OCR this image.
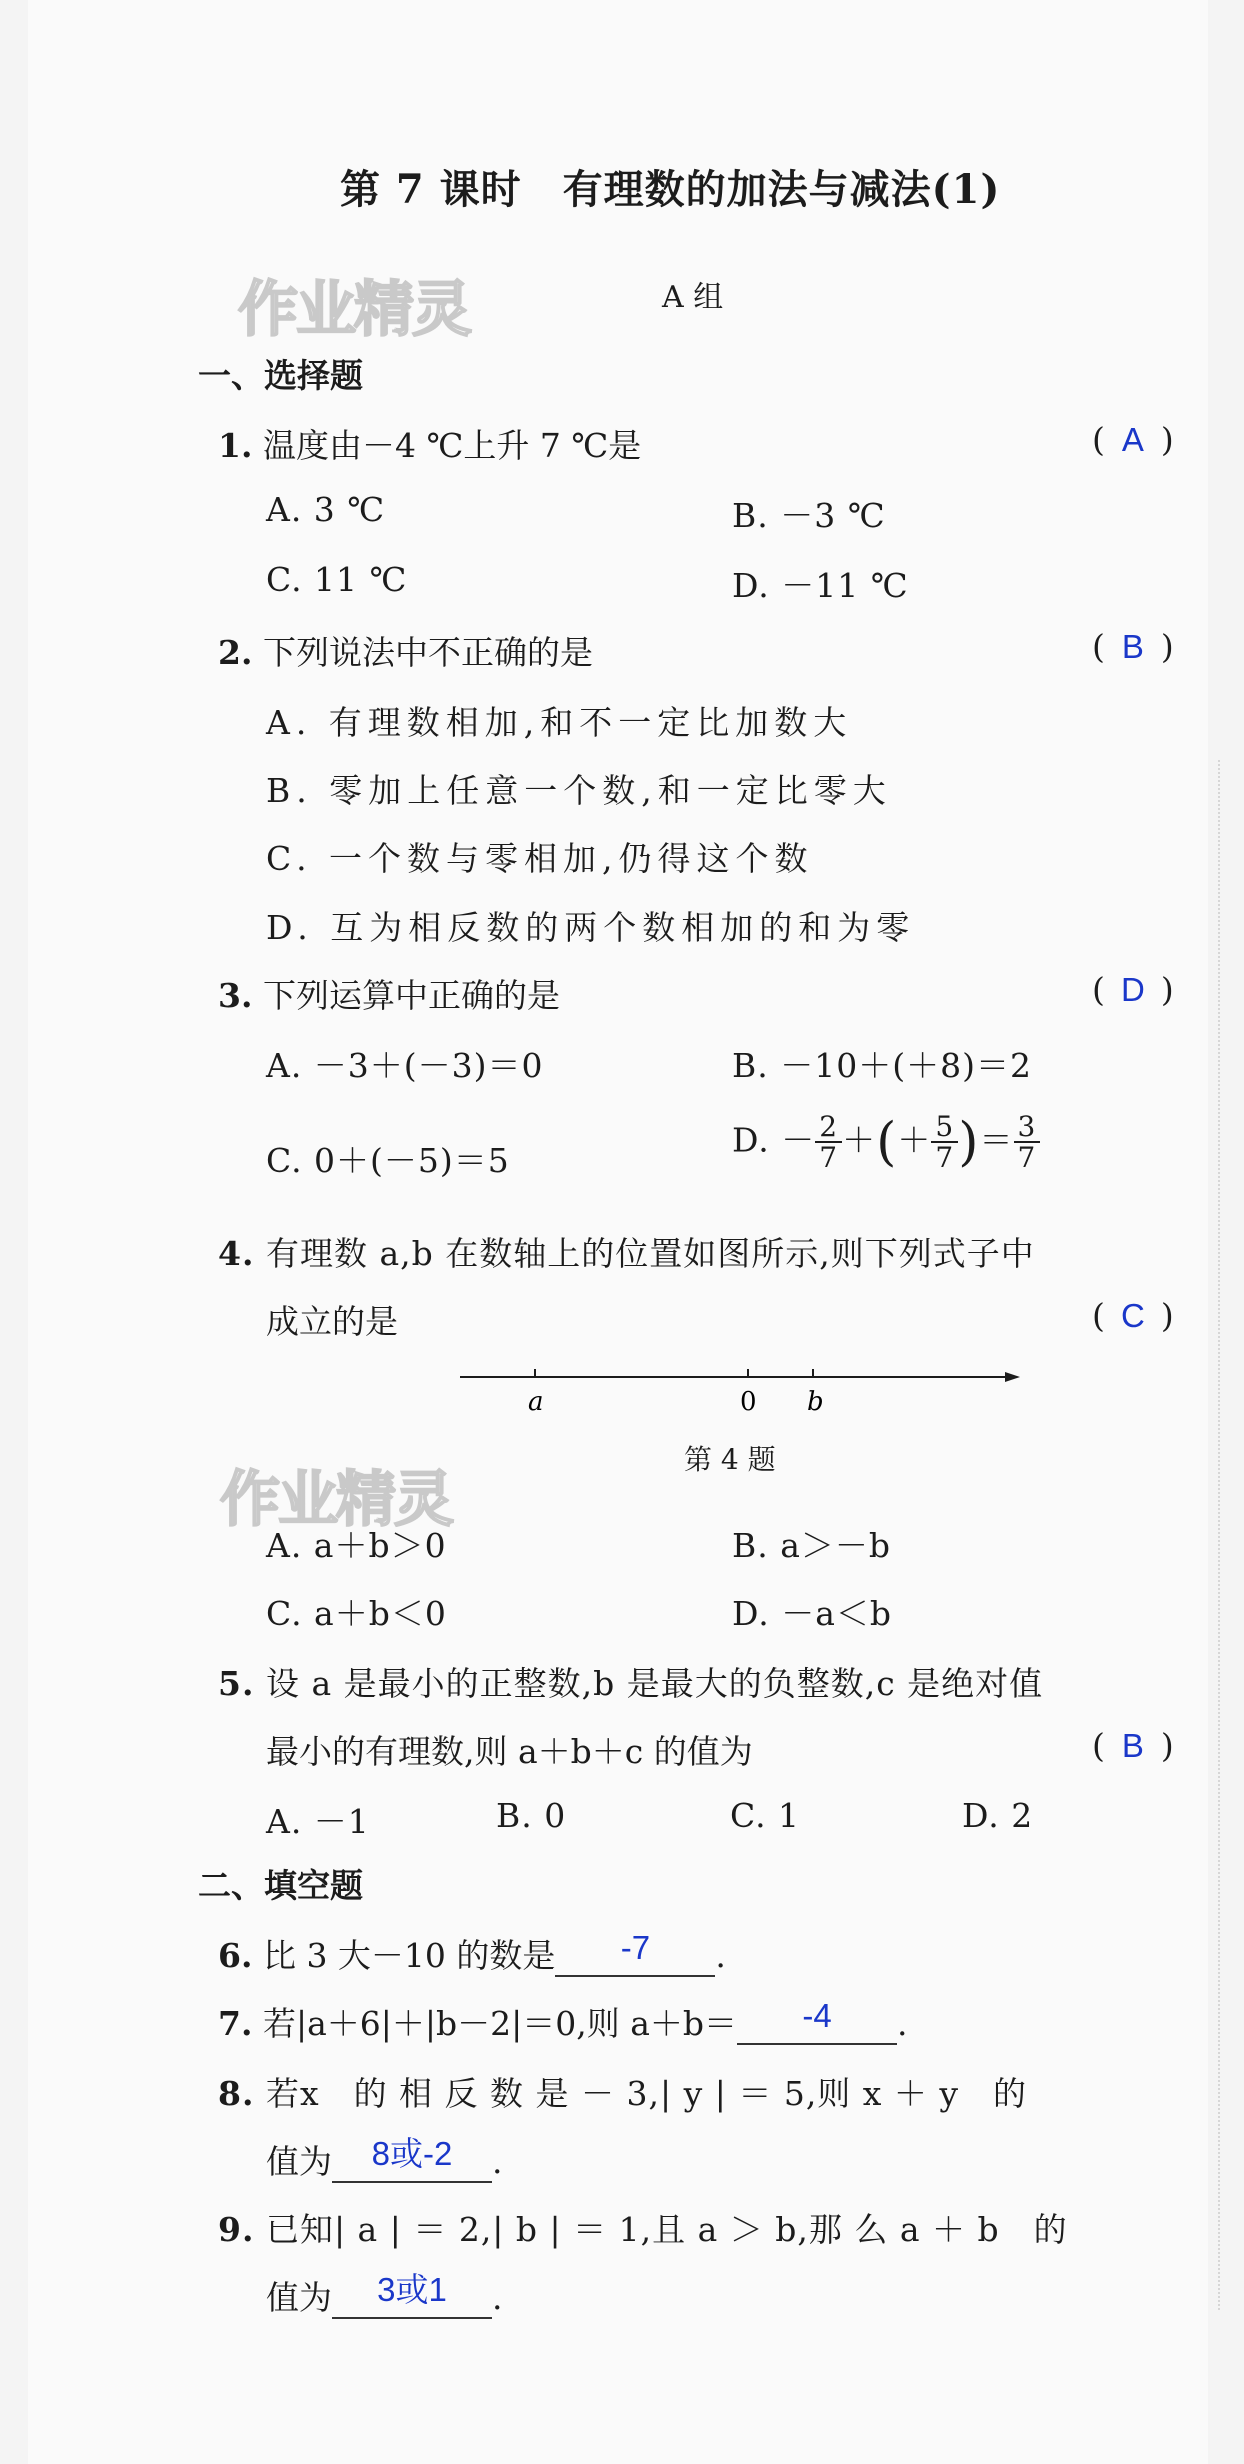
作业精灵
作业精灵
第 7 课时　有理数的加法与减法(1)
A 组
一、选择题
1. 温度由－4 ℃上升 7 ℃是	( A )
A. 3 ℃	B. －3 ℃
C. 11 ℃	D. －11 ℃
2. 下列说法中不正确的是	( B )
A. 有理数相加,和不一定比加数大
B. 零加上任意一个数,和一定比零大
C. 一个数与零相加,仍得这个数
D. 互为相反数的两个数相加的和为零
3. 下列运算中正确的是	( D )
A. －3＋(－3)＝0	B. －10＋(＋8)＝2
C. 0＋(－5)＝5
D. － $\frac{2}{7}$ ＋(＋ $\frac{5}{7}$ )＝ $\frac{3}{7}$
4. 有理数 a,b 在数轴上的位置如图所示,则下列式子中
成立的是	( C )
a	0 b
第 4 题
A. a＋b＞0	B. a＞－b
C. a＋b＜0	D. －a＜b
5. 设 a 是最小的正整数,b 是最大的负整数,c 是绝对值
最小的有理数,则 a＋b＋c 的值为	( B )
A. －1	B. 0	C. 1	D. 2
二、填空题
6. 比 3 大－10 的数是 -7 .
7. 若|a＋6|＋|b－2|＝0,则 a＋b＝ -4 .
8. 若x　的 相 反 数 是 － 3,| y | ＝ 5,则 x ＋ y　的
值为 8或-2 .
9. 已知| a | ＝ 2,| b | ＝ 1,且 a ＞ b,那 么 a ＋ b　的
值为 3或1 .
